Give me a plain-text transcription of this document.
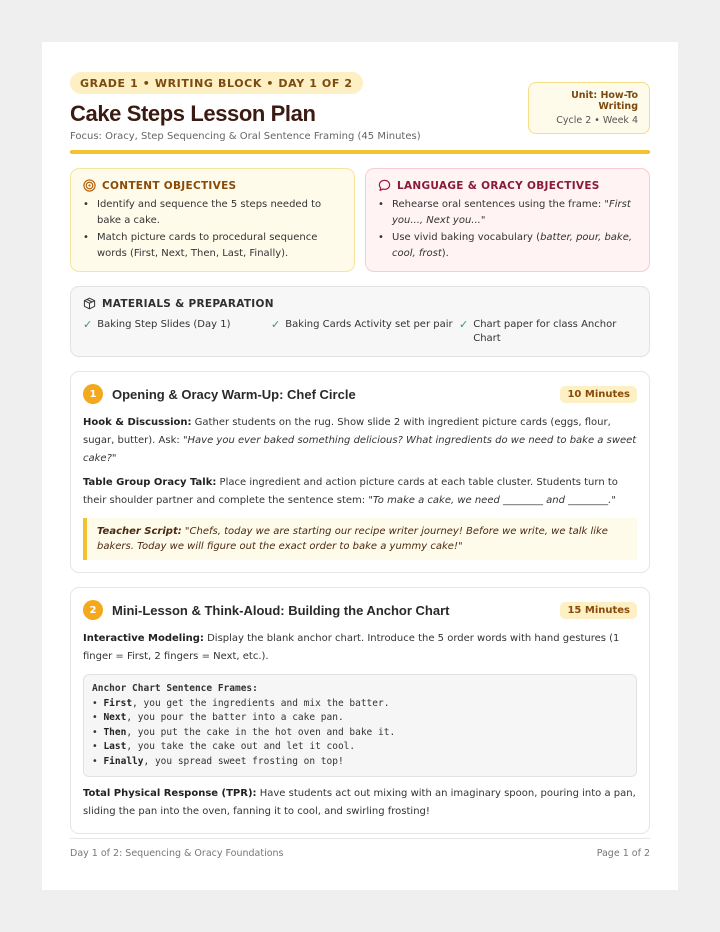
GRADE 1 • WRITING BLOCK • DAY 1 OF 2
Cake Steps Lesson Plan
Focus: Oracy, Step Sequencing & Oral Sentence Framing (45 Minutes)
Unit: How-To Writing
Cycle 2 • Week 4
CONTENT OBJECTIVES
• Identify and sequence the 5 steps needed to bake a cake.
• Match picture cards to procedural sequence words (First, Next, Then, Last, Finally).
LANGUAGE & ORACY OBJECTIVES
• Rehearse oral sentences using the frame: "First you..., Next you..."
• Use vivid baking vocabulary (batter, pour, bake, cool, frost).
MATERIALS & PREPARATION
✓ Baking Step Slides (Day 1)	✓ Baking Cards Activity set per pair ✓ Chart paper for class Anchor Chart
1	Opening & Oracy Warm-Up: Chef Circle	10 Minutes
Hook & Discussion: Gather students on the rug. Show slide 2 with ingredient picture cards (eggs, flour, sugar, butter). Ask: "Have you ever baked something delicious? What ingredients do we need to bake a sweet cake?"
Table Group Oracy Talk: Place ingredient and action picture cards at each table cluster. Students turn to their shoulder partner and complete the sentence stem: "To make a cake, we need ________ and ________."
Teacher Script: "Chefs, today we are starting our recipe writer journey! Before we write, we talk like bakers. Today we will figure out the exact order to bake a yummy cake!"
2	Mini-Lesson & Think-Aloud: Building the Anchor Chart	15 Minutes
Interactive Modeling: Display the blank anchor chart. Introduce the 5 order words with hand gestures (1 finger = First, 2 fingers = Next, etc.).
Anchor Chart Sentence Frames:
• First, you get the ingredients and mix the batter.
• Next, you pour the batter into a cake pan.
• Then, you put the cake in the hot oven and bake it.
• Last, you take the cake out and let it cool.
• Finally, you spread sweet frosting on top!
Total Physical Response (TPR): Have students act out mixing with an imaginary spoon, pouring into a pan, sliding the pan into the oven, fanning it to cool, and swirling frosting!
Day 1 of 2: Sequencing & Oracy Foundations	Page 1 of 2
